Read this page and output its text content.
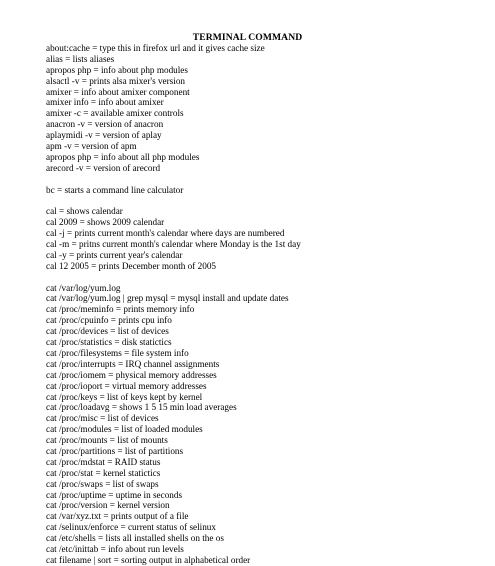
TERMINAL COMMAND
about:cache = type this in firefox url and it gives cache size
alias = lists aliases
apropos php = info about php modules
alsactl -v = prints alsa mixer's version
amixer = info about amixer component
amixer info = info about amixer
amixer -c = available amixer controls
anacron -v = version of anacron
aplaymidi -v = version of aplay
apm -v = version of apm
apropos php = info about all php modules
arecord -v = version of arecord
bc = starts a command line calculator
cal = shows calendar
cal 2009 = shows 2009 calendar
cal -j = prints current month's calendar where days are numbered
cal -m = pritns current month's calendar where Monday is the 1st day
cal -y = prints current year's calendar
cal 12 2005 = prints December month of 2005
cat /var/log/yum.log
cat /var/log/yum.log | grep mysql = mysql install and update dates
cat /proc/meminfo = prints memory info
cat /proc/cpuinfo = prints cpu info
cat /proc/devices = list of devices
cat /proc/statistics = disk statictics
cat /proc/filesystems = file system info
cat /proc/interrupts = IRQ channel assignments
cat /proc/iomem = physical memory addresses
cat /proc/ioport = virtual memory addresses
cat /proc/keys = list of keys kept by kernel
cat /proc/loadavg = shows 1 5 15 min load averages
cat /proc/misc = list of devices
cat /proc/modules = list of loaded modules
cat /proc/mounts = list of mounts
cat /proc/partitions = list of partitions
cat /proc/mdstat = RAID status
cat /proc/stat = kernel statictics
cat /proc/swaps = list of swaps
cat /proc/uptime = uptime in seconds
cat /proc/version = kernel version
cat /var/xyz.txt = prints output of a file
cat /selinux/enforce = current status of selinux
cat /etc/shells = lists all installed shells on the os
cat /etc/inittab = info about run levels
cat filename | sort = sorting output in alphabetical order
